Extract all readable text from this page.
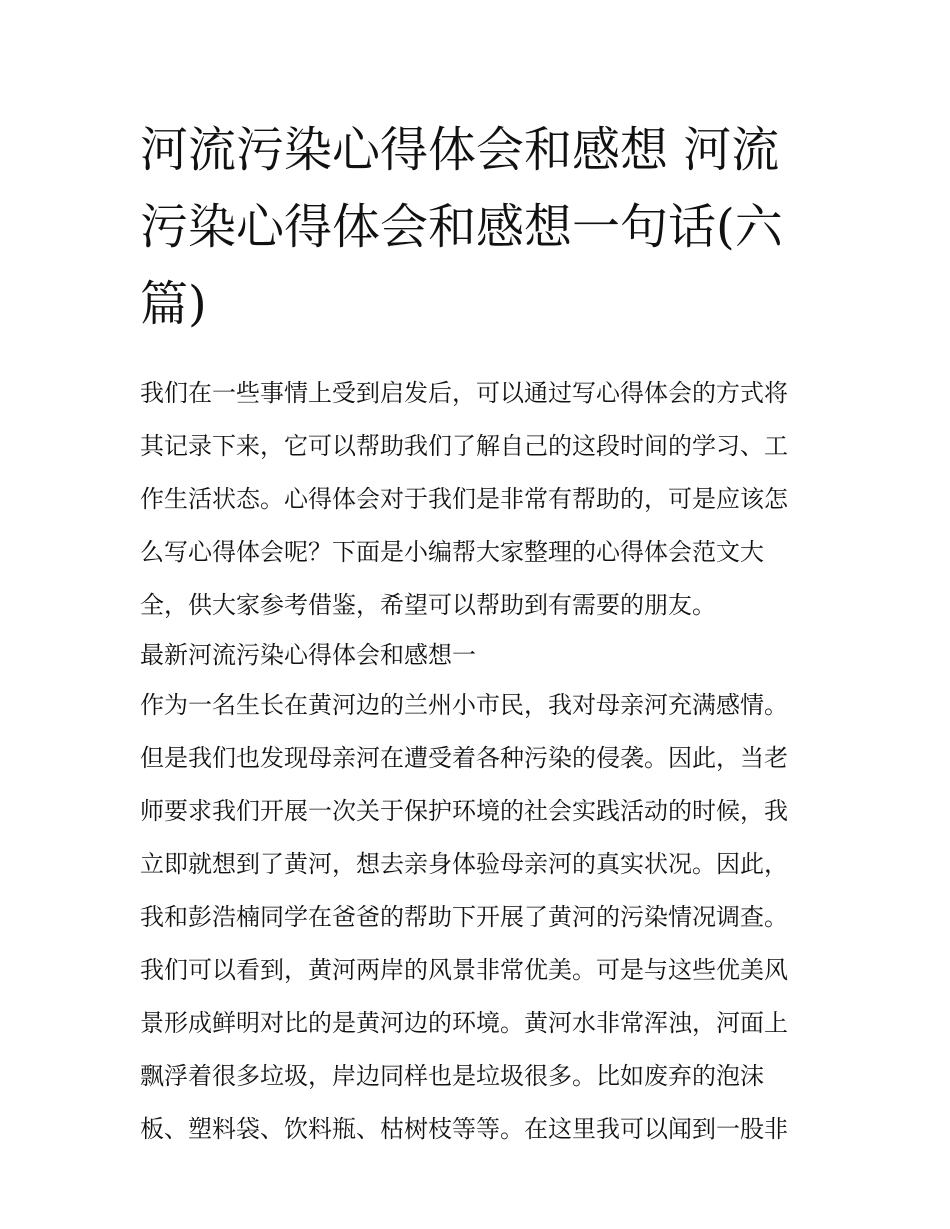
河流污染心得体会和感想 河流
污染心得体会和感想一句话(六
篇)
我们在一些事情上受到启发后，可以通过写心得体会的方式将
其记录下来，它可以帮助我们了解自己的这段时间的学习、工
作生活状态。心得体会对于我们是非常有帮助的，可是应该怎
么写心得体会呢？下面是小编帮大家整理的心得体会范文大
全，供大家参考借鉴，希望可以帮助到有需要的朋友。
最新河流污染心得体会和感想一
作为一名生长在黄河边的兰州小市民，我对母亲河充满感情。
但是我们也发现母亲河在遭受着各种污染的侵袭。因此，当老
师要求我们开展一次关于保护环境的社会实践活动的时候，我
立即就想到了黄河，想去亲身体验母亲河的真实状况。因此，
我和彭浩楠同学在爸爸的帮助下开展了黄河的污染情况调查。
我们可以看到，黄河两岸的风景非常优美。可是与这些优美风
景形成鲜明对比的是黄河边的环境。黄河水非常浑浊，河面上
飘浮着很多垃圾，岸边同样也是垃圾很多。比如废弃的泡沫
板、塑料袋、饮料瓶、枯树枝等等。在这里我可以闻到一股非
